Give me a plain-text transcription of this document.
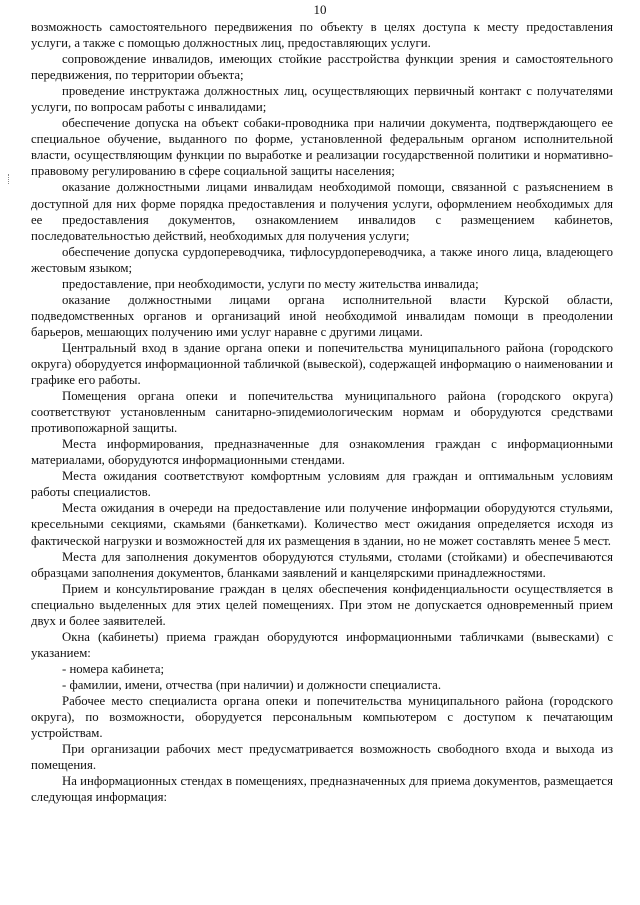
10

возможность самостоятельного передвижения по объекту в целях доступа к месту предоставления услуги, а также с помощью должностных лиц, предоставляющих услуги.

сопровождение инвалидов, имеющих стойкие расстройства функции зрения и самостоятельного передвижения, по территории объекта;

проведение инструктажа должностных лиц, осуществляющих первичный контакт с получателями услуги, по вопросам работы с инвалидами;

обеспечение допуска на объект собаки-проводника при наличии документа, подтверждающего ее специальное обучение, выданного по форме, установленной федеральным органом исполнительной власти, осуществляющим функции по выработке и реализации государственной политики и нормативно-правовому регулированию в сфере социальной защиты населения;

оказание должностными лицами инвалидам необходимой помощи, связанной с разъяснением в доступной для них форме порядка предоставления и получения услуги, оформлением необходимых для ее предоставления документов, ознакомлением инвалидов с размещением кабинетов, последовательностью действий, необходимых для получения услуги;

обеспечение допуска сурдопереводчика, тифлосурдопереводчика, а также иного лица, владеющего жестовым языком;

предоставление, при необходимости, услуги по месту жительства инвалида;

оказание должностными лицами органа исполнительной власти Курской области, подведомственных органов и организаций иной необходимой инвалидам помощи в преодолении барьеров, мешающих получению ими услуг наравне с другими лицами.

Центральный вход в здание органа опеки и попечительства муниципального района (городского округа) оборудуется информационной табличкой (вывеской), содержащей информацию о наименовании и графике его работы.

Помещения органа опеки и попечительства муниципального района (городского округа) соответствуют установленным санитарно-эпидемиологическим нормам и оборудуются средствами противопожарной защиты.

Места информирования, предназначенные для ознакомления граждан с информационными материалами, оборудуются информационными стендами.

Места ожидания соответствуют комфортным условиям для граждан и оптимальным условиям работы специалистов.

Места ожидания в очереди на предоставление или получение информации оборудуются стульями, кресельными секциями, скамьями (банкетками). Количество мест ожидания определяется исходя из фактической нагрузки и возможностей для их размещения в здании, но не может составлять менее 5 мест.

Места для заполнения документов оборудуются стульями, столами (стойками) и обеспечиваются образцами заполнения документов, бланками заявлений и канцелярскими принадлежностями.

Прием и консультирование граждан в целях обеспечения конфиденциальности осуществляется в специально выделенных для этих целей помещениях. При этом не допускается одновременный прием двух и более заявителей.

Окна (кабинеты) приема граждан оборудуются информационными табличками (вывесками) с указанием:

- номера кабинета;

- фамилии, имени, отчества (при наличии) и должности специалиста.

Рабочее место специалиста органа опеки и попечительства муниципального района (городского округа), по возможности, оборудуется персональным компьютером с доступом к печатающим устройствам.

При организации рабочих мест предусматривается возможность свободного входа и выхода из помещения.

На информационных стендах в помещениях, предназначенных для приема документов, размещается следующая информация:
